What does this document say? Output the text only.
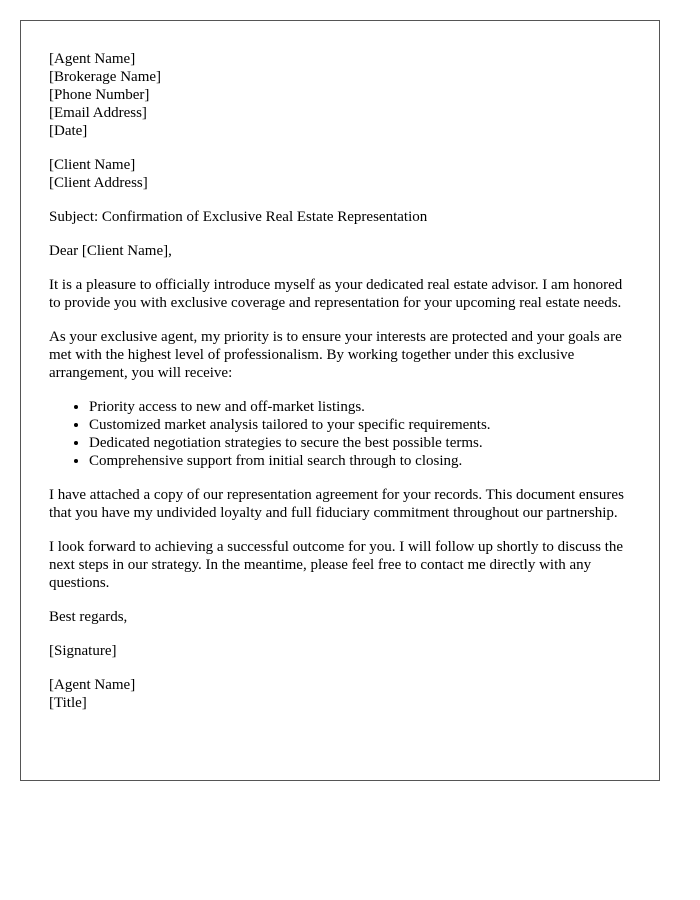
[Agent Name]
[Brokerage Name]
[Phone Number]
[Email Address]
[Date]
[Client Name]
[Client Address]

Subject: Confirmation of Exclusive Real Estate Representation

Dear [Client Name],

It is a pleasure to officially introduce myself as your dedicated real estate advisor. I am honored to provide you with exclusive coverage and representation for your upcoming real estate needs.

As your exclusive agent, my priority is to ensure your interests are protected and your goals are met with the highest level of professionalism. By working together under this exclusive arrangement, you will receive:

• Priority access to new and off-market listings.
• Customized market analysis tailored to your specific requirements.
• Dedicated negotiation strategies to secure the best possible terms.
• Comprehensive support from initial search through to closing.

I have attached a copy of our representation agreement for your records. This document ensures that you have my undivided loyalty and full fiduciary commitment throughout our partnership.

I look forward to achieving a successful outcome for you. I will follow up shortly to discuss the next steps in our strategy. In the meantime, please feel free to contact me directly with any questions.

Best regards,

[Signature]

[Agent Name]
[Title]
